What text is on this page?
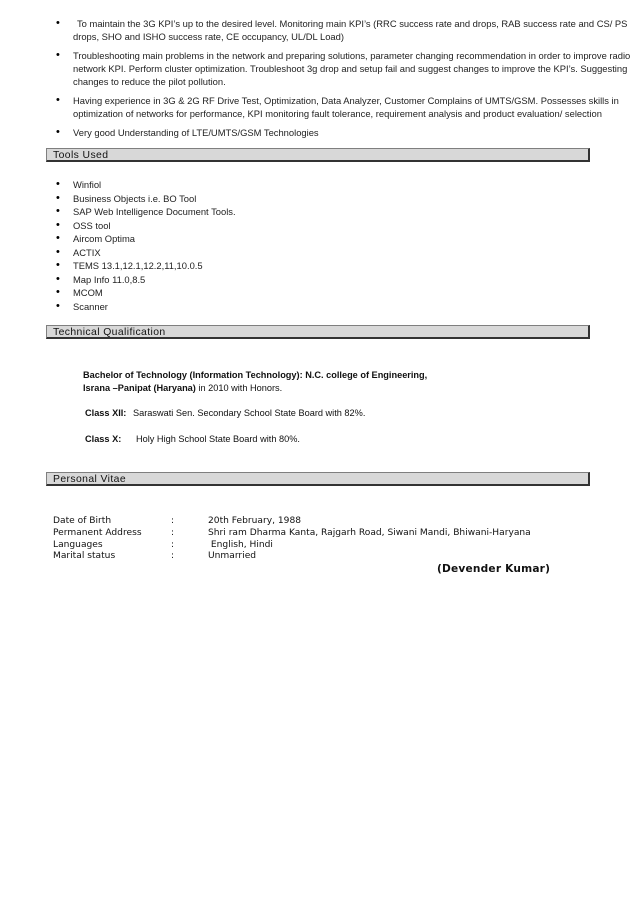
• To maintain the 3G KPI’s up to the desired level. Monitoring main KPI’s (RRC success rate and drops, RAB success rate and CS/ PS drops, SHO and ISHO success rate, CE occupancy, UL/DL Load)
• Troubleshooting main problems in the network and preparing solutions, parameter changing recommendation in order to improve radio network KPI. Perform cluster optimization. Troubleshoot 3g drop and setup fail and suggest changes to improve the KPI’s. Suggesting changes to reduce the pilot pollution.
• Having experience in 3G & 2G RF Drive Test, Optimization, Data Analyzer, Customer Complains of UMTS/GSM. Possesses skills in optimization of networks for performance, KPI monitoring fault tolerance, requirement analysis and product evaluation/ selection
• Very good Understanding of LTE/UMTS/GSM Technologies
Tools Used
• Winfiol
• Business Objects i.e. BO Tool
• SAP Web Intelligence Document Tools.
• OSS tool
• Aircom Optima
• ACTIX
• TEMS 13.1,12.1,12.2,11,10.0.5
• Map Info 11.0,8.5
• MCOM
• Scanner
Technical Qualification
Bachelor of Technology (Information Technology): N.C. college of Engineering,
Israna –Panipat (Haryana) in 2010 with Honors.
Class XII: Saraswati Sen. Secondary School State Board with 82%.
Class X: Holy High School State Board with 80%.
Personal Vitae
Date of Birth	:	20th February, 1988
Permanent Address	:	Shri ram Dharma Kanta, Rajgarh Road, Siwani Mandi, Bhiwani-Haryana
Languages	:	English, Hindi
Marital status	:	Unmarried
(Devender Kumar)
